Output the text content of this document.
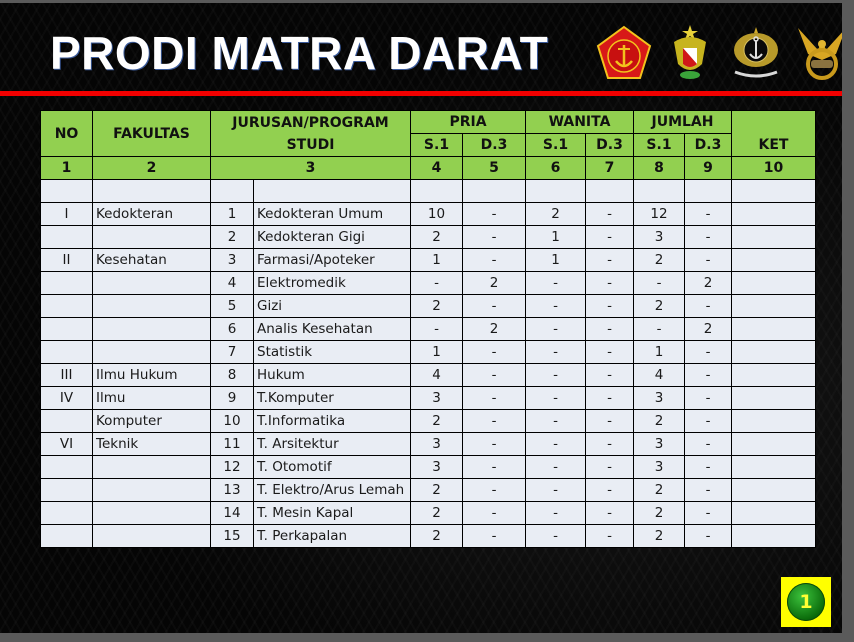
PRODI MATRA DARAT
NO	FAKULTAS	JURUSAN/PROGRAM
STUDI		PRIA		WANITA		JUMLAH		KET
				S.1	D.3	S.1	D.3	S.1	D.3	
1	2	3		4	5	6	7	8	9	10

I	Kedokteran	1	Kedokteran Umum	10	-	2	-	12	-	
		2	Kedokteran Gigi	2	-	1	-	3	-	
II	Kesehatan	3	Farmasi/Apoteker	1	-	1	-	2	-	
		4	Elektromedik	-	2	-	-	-	2	
		5	Gizi	2	-	-	-	2	-	
		6	Analis Kesehatan	-	2	-	-	-	2	
		7	Statistik	1	-	-	-	1	-	
III	Ilmu Hukum	8	Hukum	4	-	-	-	4	-	
IV	Ilmu	9	T.Komputer	3	-	-	-	3	-	
	Komputer	10	T.Informatika	2	-	-	-	2	-	
VI	Teknik	11	T. Arsitektur	3	-	-	-	3	-	
		12	T. Otomotif	3	-	-	-	3	-	
		13	T. Elektro/Arus Lemah	2	-	-	-	2	-	
		14	T. Mesin Kapal	2	-	-	-	2	-	
		15	T. Perkapalan	2	-	-	-	2	-	
1
